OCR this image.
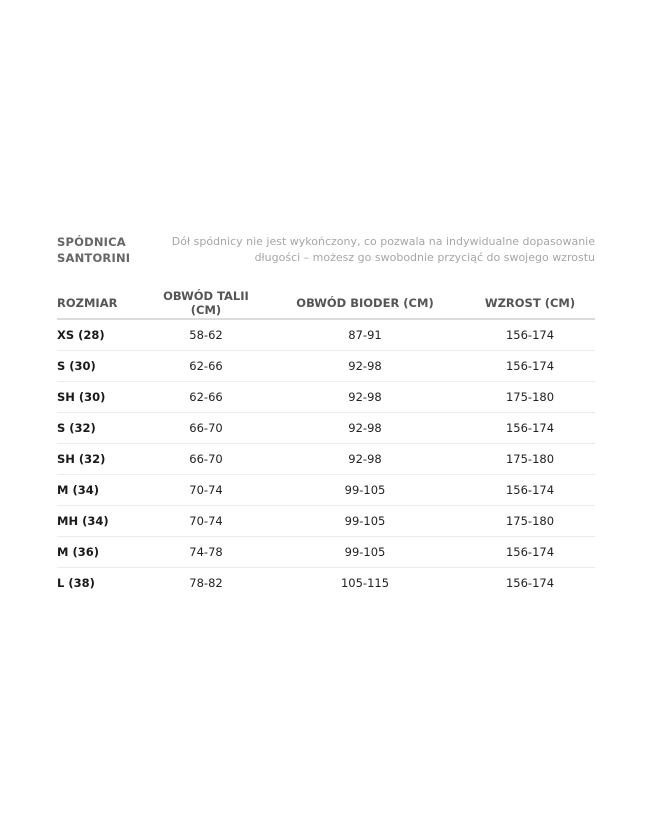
SPÓDNICA
SANTORINI
Dół spódnicy nie jest wykończony, co pozwala na indywidualne dopasowanie
długości – możesz go swobodnie przyciąć do swojego wzrostu
ROZMIAR	OBWÓD TALII (CM)	OBWÓD BIODER (CM)	WZROST (CM)
XS (28)	58-62	87-91	156-174
S (30)	62-66	92-98	156-174
SH (30)	62-66	92-98	175-180
S (32)	66-70	92-98	156-174
SH (32)	66-70	92-98	175-180
M (34)	70-74	99-105	156-174
MH (34)	70-74	99-105	175-180
M (36)	74-78	99-105	156-174
L (38)	78-82	105-115	156-174
